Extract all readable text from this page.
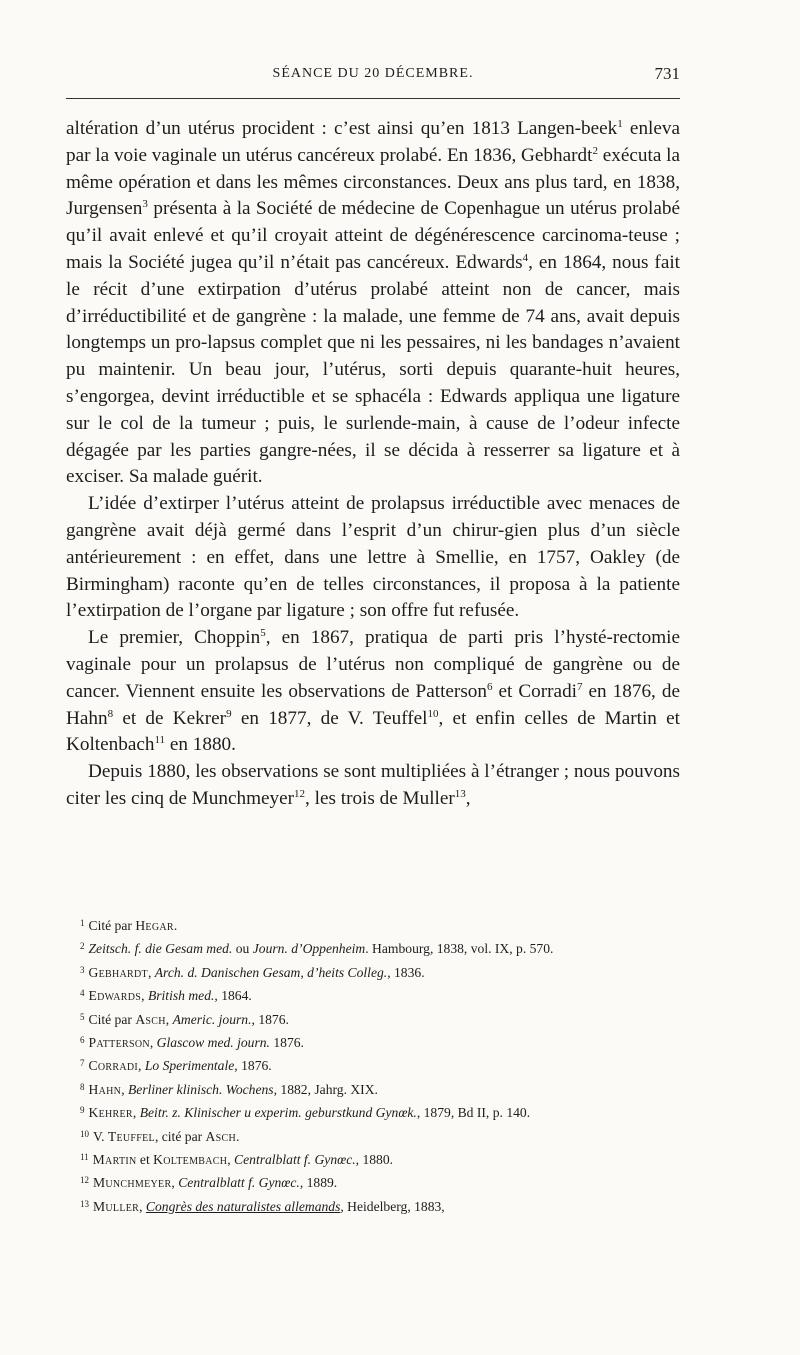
SÉANCE DU 20 DÉCEMBRE.	731

altération d’un utérus procident : c’est ainsi qu’en 1813 Langen-beek$^1$ enleva par la voie vaginale un utérus cancéreux prolabé. En 1836, Gebhardt$^2$ exécuta la même opération et dans les mêmes circonstances. Deux ans plus tard, en 1838, Jurgensen$^3$ présenta à la Société de médecine de Copenhague un utérus prolabé qu’il avait enlevé et qu’il croyait atteint de dégénérescence carcinoma-teuse ; mais la Société jugea qu’il n’était pas cancéreux. Edwards$^4$, en 1864, nous fait le récit d’une extirpation d’utérus prolabé atteint non de cancer, mais d’irréductibilité et de gangrène : la malade, une femme de 74 ans, avait depuis longtemps un pro-lapsus complet que ni les pessaires, ni les bandages n’avaient pu maintenir. Un beau jour, l’utérus, sorti depuis quarante-huit heures, s’engorgea, devint irréductible et se sphacéla : Edwards appliqua une ligature sur le col de la tumeur ; puis, le surlende-main, à cause de l’odeur infecte dégagée par les parties gangre-nées, il se décida à resserrer sa ligature et à exciser. Sa malade guérit.

L’idée d’extirper l’utérus atteint de prolapsus irréductible avec menaces de gangrène avait déjà germé dans l’esprit d’un chirur-gien plus d’un siècle antérieurement : en effet, dans une lettre à Smellie, en 1757, Oakley (de Birmingham) raconte qu’en de telles circonstances, il proposa à la patiente l’extirpation de l’organe par ligature ; son offre fut refusée.

Le premier, Choppin$^5$, en 1867, pratiqua de parti pris l’hysté-rectomie vaginale pour un prolapsus de l’utérus non compliqué de gangrène ou de cancer. Viennent ensuite les observations de Patterson$^6$ et Corradi$^7$ en 1876, de Hahn$^8$ et de Kekrer$^9$ en 1877, de V. Teuffel$^{10}$, et enfin celles de Martin et Koltenbach$^{11}$ en 1880.

Depuis 1880, les observations se sont multipliées à l’étranger ; nous pouvons citer les cinq de Munchmeyer$^{12}$, les trois de Muller$^{13}$,

$^1$ Cité par Hegar.

$^2$ Zeitsch. f. die Gesam med. ou Journ. d’Oppenheim. Hambourg, 1838, vol. IX, p. 570.

$^3$ Gebhardt, Arch. d. Danischen Gesam, d’heits Colleg., 1836.

$^4$ Edwards, British med., 1864.

$^5$ Cité par Asch, Americ. journ., 1876.

$^6$ Patterson, Glascow med. journ. 1876.

$^7$ Corradi, Lo Sperimentale, 1876.

$^8$ Hahn, Berliner klinisch. Wochens, 1882, Jahrg. XIX.

$^9$ Kehrer, Beitr. z. Klinischer u experim. geburstkund Gynœk., 1879, Bd II, p. 140.

$^{10}$ V. Teuffel, cité par Asch.

$^{11}$ Martin et Koltembach, Centralblatt f. Gynœc., 1880.

$^{12}$ Munchmeyer, Centralblatt f. Gynœc., 1889.

$^{13}$ Muller, Congrès des naturalistes allemands, Heidelberg, 1883,
